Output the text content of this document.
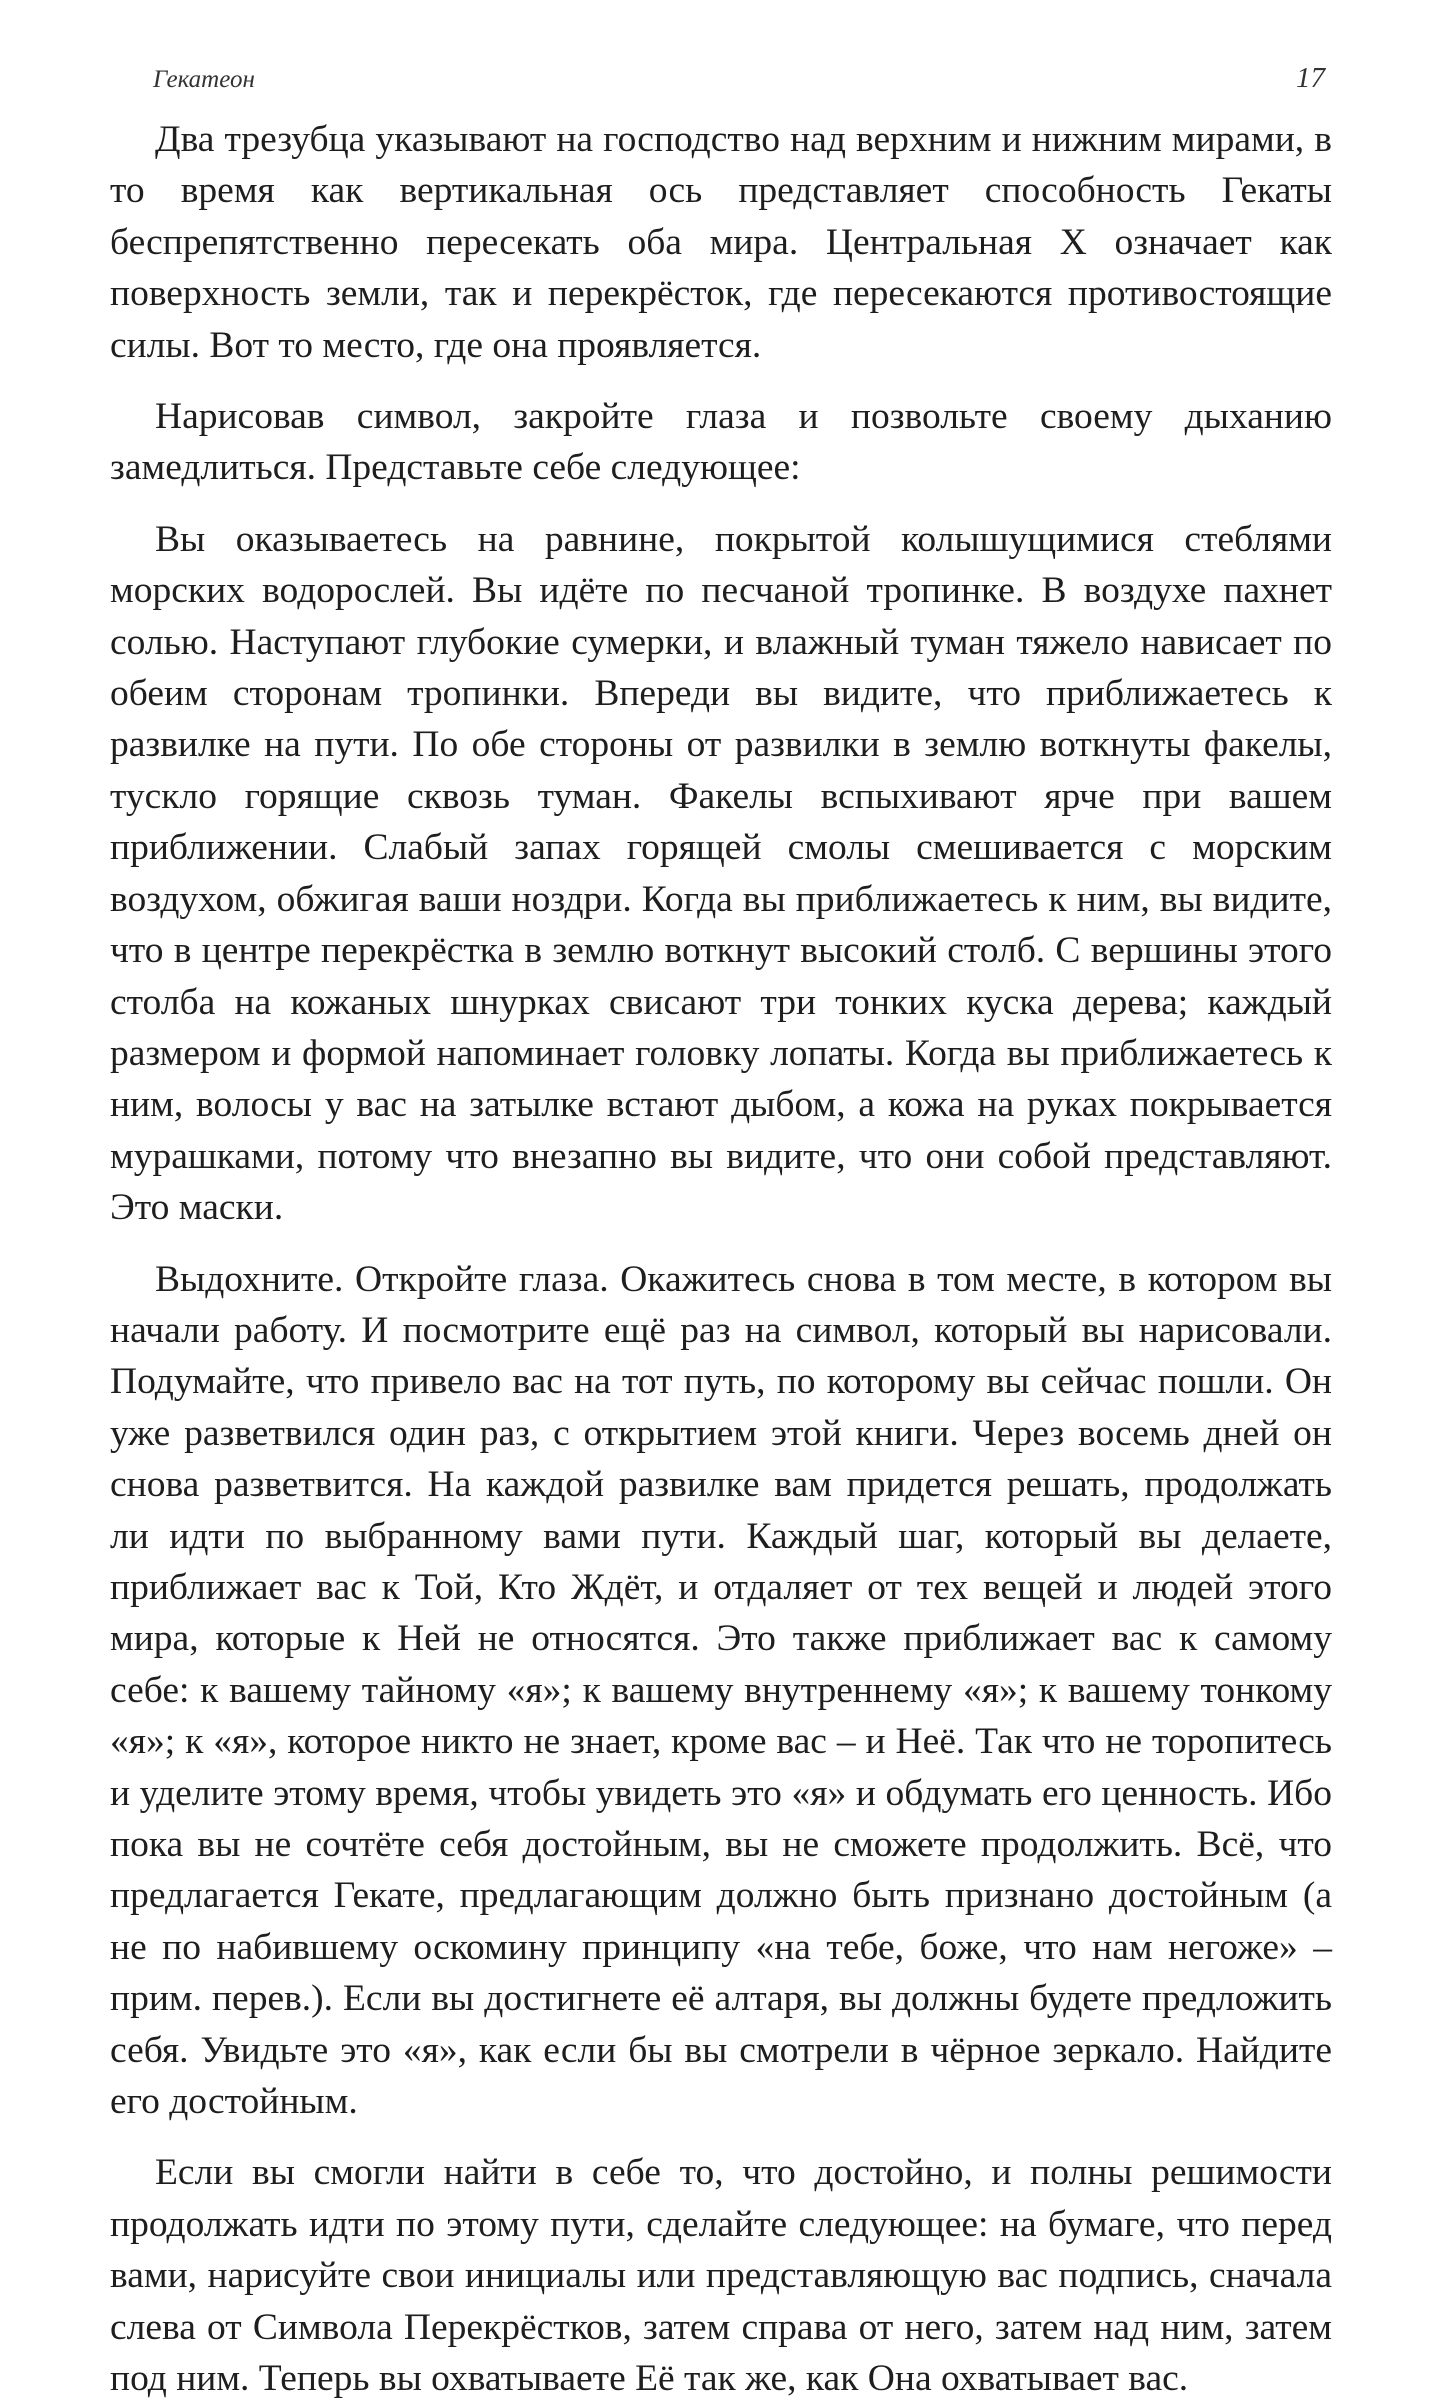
Гекатеон	17

Два трезубца указывают на господство над верхним и нижним мирами, в то время как вертикальная ось представляет способность Гекаты беспрепятственно пересекать оба мира. Центральная X означает как поверхность земли, так и перекрёсток, где пересекаются противостоящие силы. Вот то место, где она проявляется.

Нарисовав символ, закройте глаза и позвольте своему дыханию замедлиться. Представьте себе следующее:

Вы оказываетесь на равнине, покрытой колышущимися стеблями морских водорослей. Вы идёте по песчаной тропинке. В воздухе пахнет солью. Наступают глубокие сумерки, и влажный туман тяжело нависает по обеим сторонам тропинки. Впереди вы видите, что приближаетесь к развилке на пути. По обе стороны от развилки в землю воткнуты факелы, тускло горящие сквозь туман. Факелы вспыхивают ярче при вашем приближении. Слабый запах горящей смолы смешивается с морским воздухом, обжигая ваши ноздри. Когда вы приближаетесь к ним, вы видите, что в центре перекрёстка в землю воткнут высокий столб. С вершины этого столба на кожаных шнурках свисают три тонких куска дерева; каждый размером и формой напоминает головку лопаты. Когда вы приближаетесь к ним, волосы у вас на затылке встают дыбом, а кожа на руках покрывается мурашками, потому что внезапно вы видите, что они собой представляют. Это маски.

Выдохните. Откройте глаза. Окажитесь снова в том месте, в котором вы начали работу. И посмотрите ещё раз на символ, который вы нарисовали. Подумайте, что привело вас на тот путь, по которому вы сейчас пошли. Он уже разветвился один раз, с открытием этой книги. Через восемь дней он снова разветвится. На каждой развилке вам придется решать, продолжать ли идти по выбранному вами пути. Каждый шаг, который вы делаете, приближает вас к Той, Кто Ждёт, и отдаляет от тех вещей и людей этого мира, которые к Ней не относятся. Это также приближает вас к самому себе: к вашему тайному «я»; к вашему внутреннему «я»; к вашему тонкому «я»; к «я», которое никто не знает, кроме вас – и Неё. Так что не торопитесь и уделите этому время, чтобы увидеть это «я» и обдумать его ценность. Ибо пока вы не сочтёте себя достойным, вы не сможете продолжить. Всё, что предлагается Гекате, предлагающим должно быть признано достойным (а не по набившему оскомину принципу «на тебе, боже, что нам негоже» – прим. перев.). Если вы достигнете её алтаря, вы должны будете предложить себя. Увидьте это «я», как если бы вы смотрели в чёрное зеркало. Найдите его достойным.

Если вы смогли найти в себе то, что достойно, и полны решимости продолжать идти по этому пути, сделайте следующее: на бумаге, что перед вами, нарисуйте свои инициалы или представляющую вас подпись, сначала слева от Символа Перекрёстков, затем справа от него, затем над ним, затем под ним. Теперь вы охватываете Её так же, как Она охватывает вас.
